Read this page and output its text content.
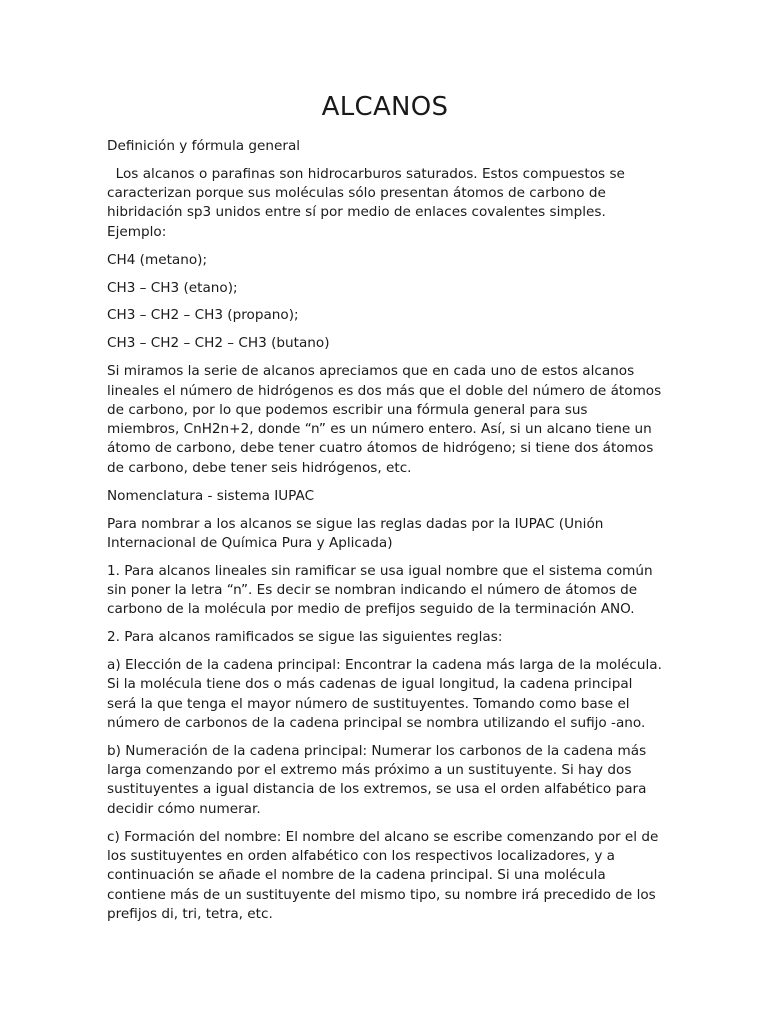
ALCANOS

Definición y fórmula general

Los alcanos o parafinas son hidrocarburos saturados. Estos compuestos se caracterizan porque sus moléculas sólo presentan átomos de carbono de hibridación sp3 unidos entre sí por medio de enlaces covalentes simples. Ejemplo:

CH4 (metano);

CH3 – CH3 (etano);

CH3 – CH2 – CH3 (propano);

CH3 – CH2 – CH2 – CH3 (butano)

Si miramos la serie de alcanos apreciamos que en cada uno de estos alcanos lineales el número de hidrógenos es dos más que el doble del número de átomos de carbono, por lo que podemos escribir una fórmula general para sus miembros, CnH2n+2, donde “n” es un número entero. Así, si un alcano tiene un átomo de carbono, debe tener cuatro átomos de hidrógeno; si tiene dos átomos de carbono, debe tener seis hidrógenos, etc.

Nomenclatura - sistema IUPAC

Para nombrar a los alcanos se sigue las reglas dadas por la IUPAC (Unión Internacional de Química Pura y Aplicada)

1. Para alcanos lineales sin ramificar se usa igual nombre que el sistema común sin poner la letra “n”. Es decir se nombran indicando el número de átomos de carbono de la molécula por medio de prefijos seguido de la terminación ANO.

2. Para alcanos ramificados se sigue las siguientes reglas:

a) Elección de la cadena principal: Encontrar la cadena más larga de la molécula. Si la molécula tiene dos o más cadenas de igual longitud, la cadena principal será la que tenga el mayor número de sustituyentes. Tomando como base el número de carbonos de la cadena principal se nombra utilizando el sufijo -ano.

b) Numeración de la cadena principal: Numerar los carbonos de la cadena más larga comenzando por el extremo más próximo a un sustituyente. Si hay dos sustituyentes a igual distancia de los extremos, se usa el orden alfabético para decidir cómo numerar.

c) Formación del nombre: El nombre del alcano se escribe comenzando por el de los sustituyentes en orden alfabético con los respectivos localizadores, y a continuación se añade el nombre de la cadena principal. Si una molécula contiene más de un sustituyente del mismo tipo, su nombre irá precedido de los prefijos di, tri, tetra, etc.
